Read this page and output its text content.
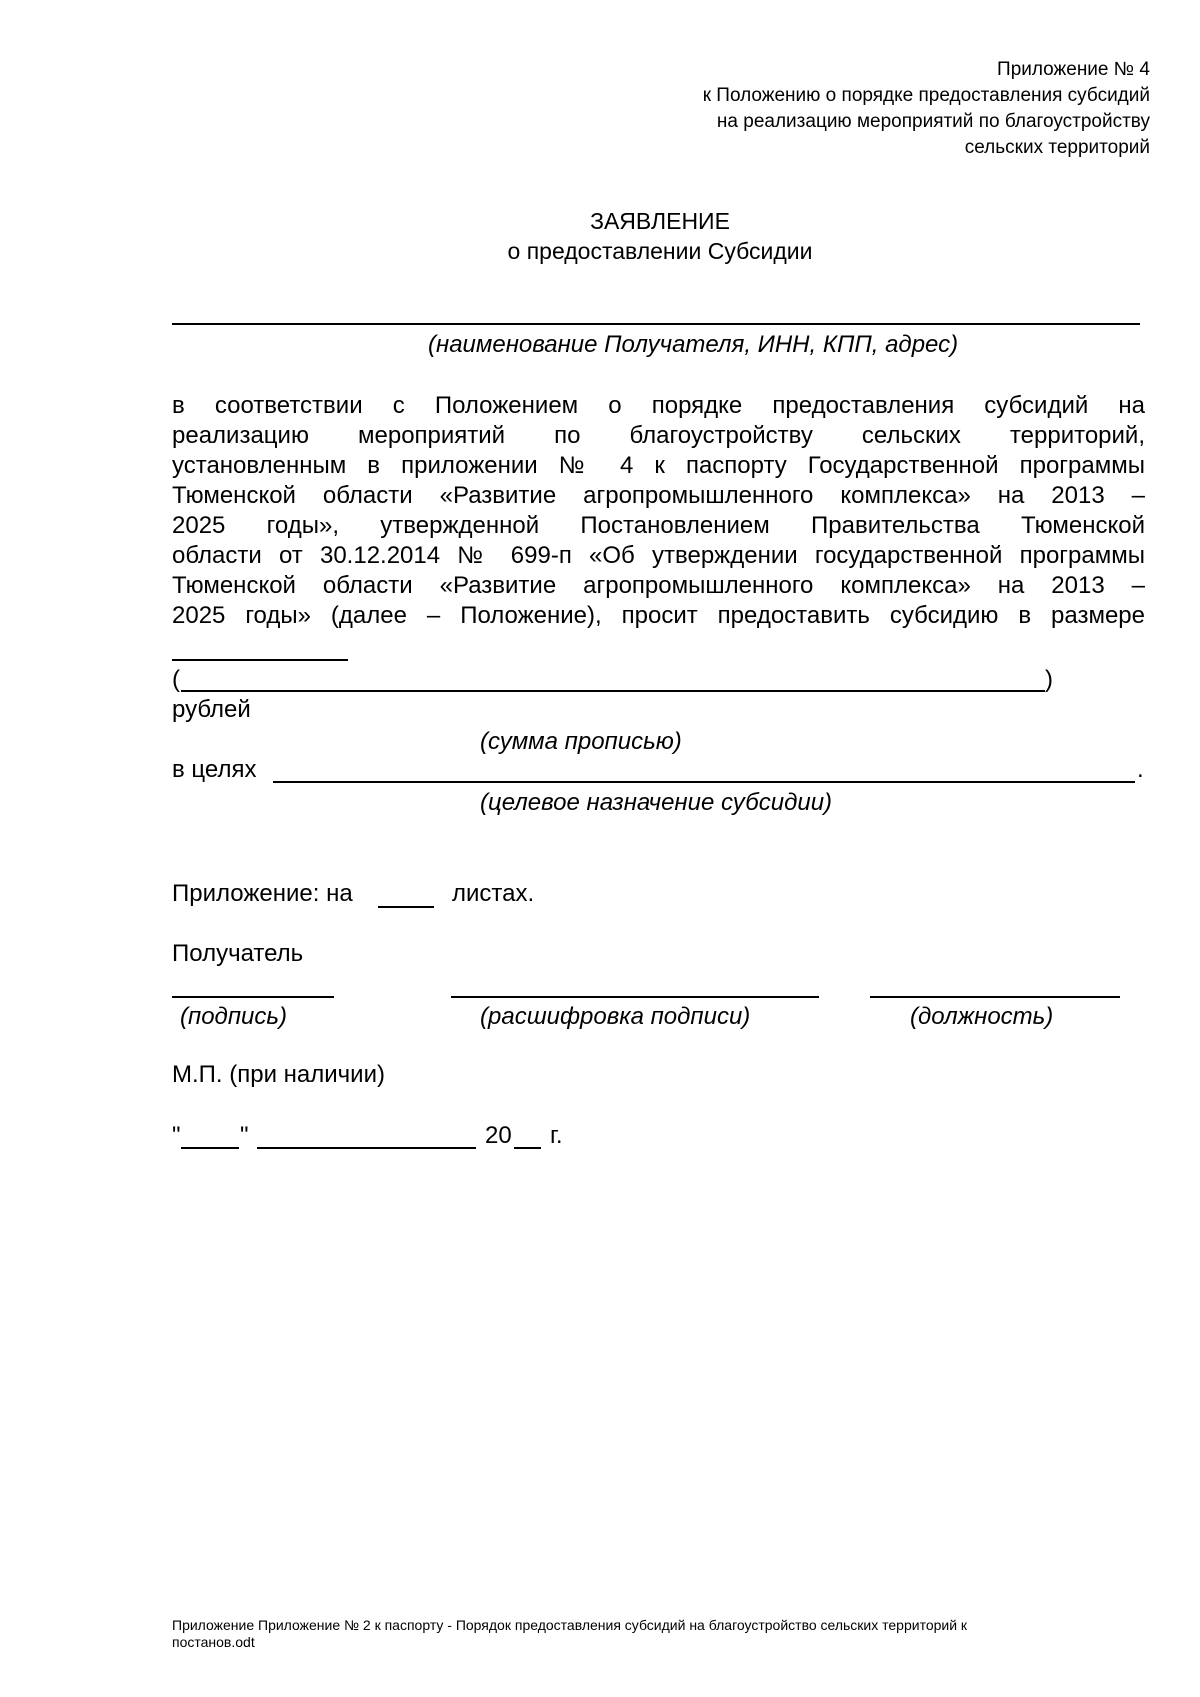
Приложение № 4
к Положению о порядке предоставления субсидий
на реализацию мероприятий по благоустройству
сельских территорий
ЗАЯВЛЕНИЕ
о предоставлении Субсидии
(наименование Получателя, ИНН, КПП, адрес)
в соответствии с Положением о порядке предоставления субсидий на
реализацию мероприятий по благоустройству сельских территорий,
установленным в приложении № 4 к паспорту Государственной программы
Тюменской области «Развитие агропромышленного комплекса» на 2013 –
2025 годы», утвержденной Постановлением Правительства Тюменской
области от 30.12.2014 № 699-п «Об утверждении государственной программы
Тюменской области «Развитие агропромышленного комплекса» на 2013 –
2025 годы» (далее – Положение), просит предоставить субсидию в размере
(	)
рублей
(сумма прописью)
в целях	.
(целевое назначение субсидии)
Приложение: на	листах.
Получатель
(подпись)	(расшифровка подписи)	(должность)
М.П. (при наличии)
" "	20 г.
Приложение Приложение № 2 к паспорту - Порядок предоставления субсидий на благоустройство сельских территорий к
постанов.odt
